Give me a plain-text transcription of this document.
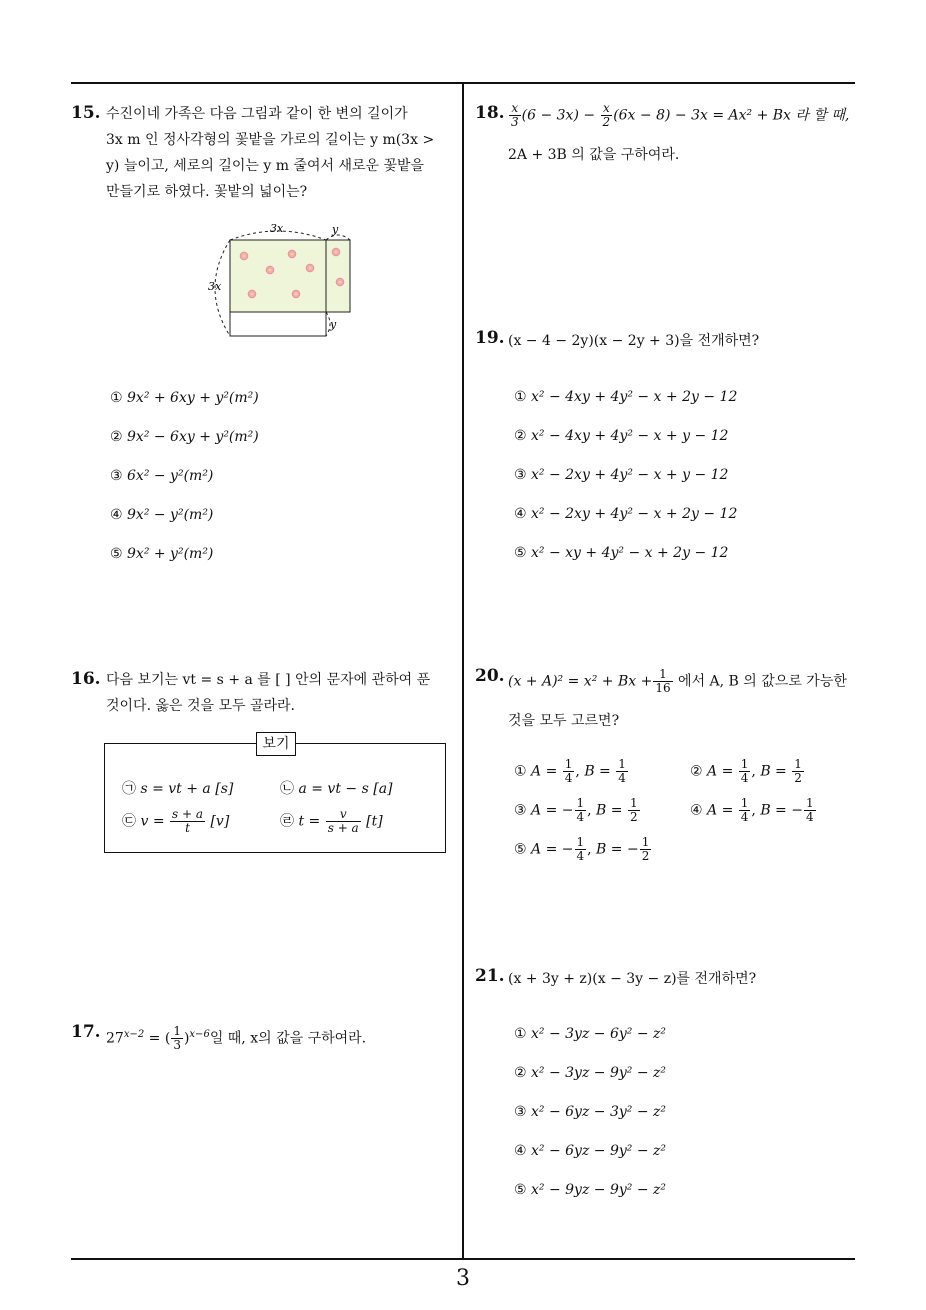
3
15. 수진이네 가족은 다음 그림과 같이 한 변의 길이가
3x m 인 정사각형의 꽃밭을 가로의 길이는 y m(3x >
y) 늘이고, 세로의 길이는 y m 줄여서 새로운 꽃밭을
만들기로 하였다. 꽃밭의 넓이는?
3x	y
3x
y
① 9x² + 6xy + y²(m²)
② 9x² − 6xy + y²(m²)
③ 6x² − y²(m²)
④ 9x² − y²(m²)
⑤ 9x² + y²(m²)
16. 다음 보기는 vt = s + a 를 [ ] 안의 문자에 관하여 푼
것이다. 옳은 것을 모두 골라라.
보기
㉠ s = vt + a [s]	㉡ a = vt − s [a]
㉢ $v = \frac{s + a}{t} [v]$	㉣ $t = \frac{v}{s + a} [t]$
17. $27^{x-2}$ = ( $\frac{1}{3} )^{x-6}$일 때, x의 값을 구하여라.
18. $\frac{x}{3} (6 - 3x) - \frac{x}{2} (6x - 8) - 3x = Ax^2 + Bx$ 라 할 때,
2A + 3B 의 값을 구하여라.
19. (x − 4 − 2y)(x − 2y + 3)을 전개하면?
① x² − 4xy + 4y² − x + 2y − 12
② x² − 4xy + 4y² − x + y − 12
③ x² − 2xy + 4y² − x + y − 12
④ x² − 2xy + 4y² − x + 2y − 12
⑤ x² − xy + 4y² − x + 2y − 12
20. $(x + A)^2 = x^2 + Bx + \frac{1}{16}$ 에서 A, B 의 값으로 가능한
것을 모두 고르면?
① $A = \frac{1}{4}$ , $B = \frac{1}{4}$	② $A = \frac{1}{4}$ , $B = \frac{1}{2}$
③ A = − $\frac{1}{4}$ , $B = \frac{1}{2}$	④ $A = \frac{1}{4}$ , B = − $\frac{1}{4}$
⑤ A = − $\frac{1}{4}$ , B = − $\frac{1}{2}$
21. (x + 3y + z)(x − 3y − z)를 전개하면?
① x² − 3yz − 6y² − z²
② x² − 3yz − 9y² − z²
③ x² − 6yz − 3y² − z²
④ x² − 6yz − 9y² − z²
⑤ x² − 9yz − 9y² − z²
